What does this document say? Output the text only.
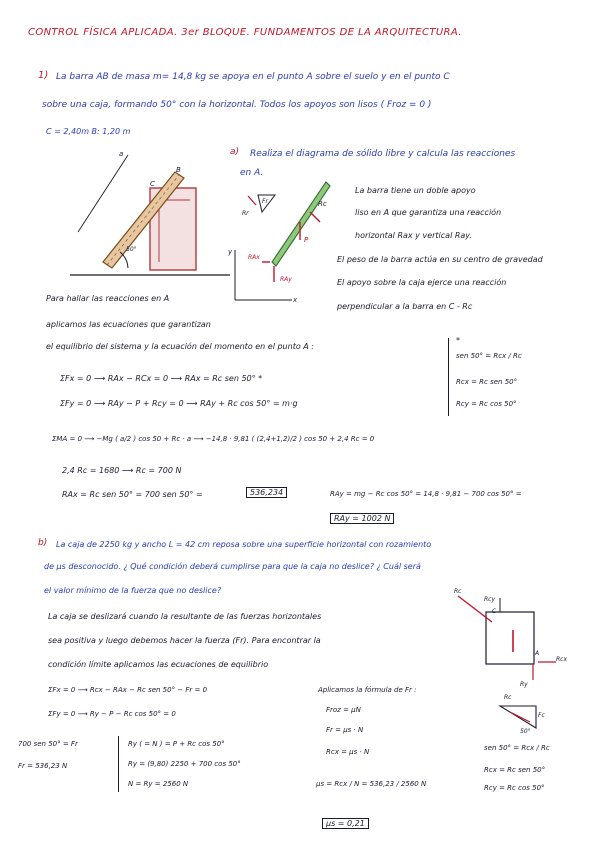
CONTROL FÍSICA APLICADA. 3er BLOQUE. FUNDAMENTOS DE LA ARQUITECTURA.
1) La barra AB de masa m= 14,8 kg se apoya en el punto A sobre el suelo y en el punto C
sobre una caja, formando 50° con la horizontal. Todos los apoyos son lisos ( Froz = 0 )
C = 2,40m B: 1,20 m
a) Realiza el diagrama de sólido libre y calcula las reacciones
en A.
a
B
C
50°	y
x
RAx
RAy
P
Rc
Fr
Rr
La barra tiene un doble apoyo
liso en A que garantiza una reacción
horizontal Rax y vertical Ray.
El peso de la barra actúa en su centro de gravedad
El apoyo sobre la caja ejerce una reacción
perpendicular a la barra en C - Rc
Para hallar las reacciones en A
aplicamos las ecuaciones que garantizan
el equilibrio del sistema y la ecuación del momento en el punto A :
ΣFx = 0 ⟶ RAx − RCx = 0 ⟶ RAx = Rc sen 50° *
ΣFy = 0 ⟶ RAy − P + Rcy = 0 ⟶ RAy + Rc cos 50° = m·g
ΣMA = 0 ⟶ −Mg ( a/2 ) cos 50 + Rc · a ⟶ −14,8 · 9,81 ( (2,4+1,2)/2 ) cos 50 + 2,4 Rc = 0
2,4 Rc = 1680 ⟶ Rc = 700 N
RAx = Rc sen 50° = 700 sen 50° =	536,234	RAy = mg − Rc cos 50° = 14,8 · 9,81 − 700 cos 50° =
RAy = 1002 N
*
sen 50° = Rcx / Rc
Rcx = Rc sen 50°
Rcy = Rc cos 50°
b) La caja de 2250 kg y ancho L = 42 cm reposa sobre una superficie horizontal con rozamiento
de μs desconocido. ¿ Qué condición deberá cumplirse para que la caja no deslice? ¿ Cuál será
el valor mínimo de la fuerza que no deslice?
La caja se deslizará cuando la resultante de las fuerzas horizontales
sea positiva y luego debemos hacer la fuerza (Fr). Para encontrar la
condición límite aplicamos las ecuaciones de equilibrio
Rc
C
A
Ry
Rcy
Rcx
Rc
Fc
50°
ΣFx = 0 ⟶ Rcx − RAx − Rc sen 50° − Fr = 0
ΣFy = 0 ⟶ Ry − P − Rc cos 50° = 0
700 sen 50° = Fr
Fr = 536,23 N
Ry ( = N ) = P + Rc cos 50°
Ry = (9,80) 2250 + 700 cos 50°
N = Ry = 2560 N
Aplicamos la fórmula de Fr :
Froz = μN
Fr = μs · N
Rcx = μs · N
μs = Rcx / N = 536,23 / 2560 N
μs = 0,21
sen 50° = Rcx / Rc
Rcx = Rc sen 50°
Rcy = Rc cos 50°
